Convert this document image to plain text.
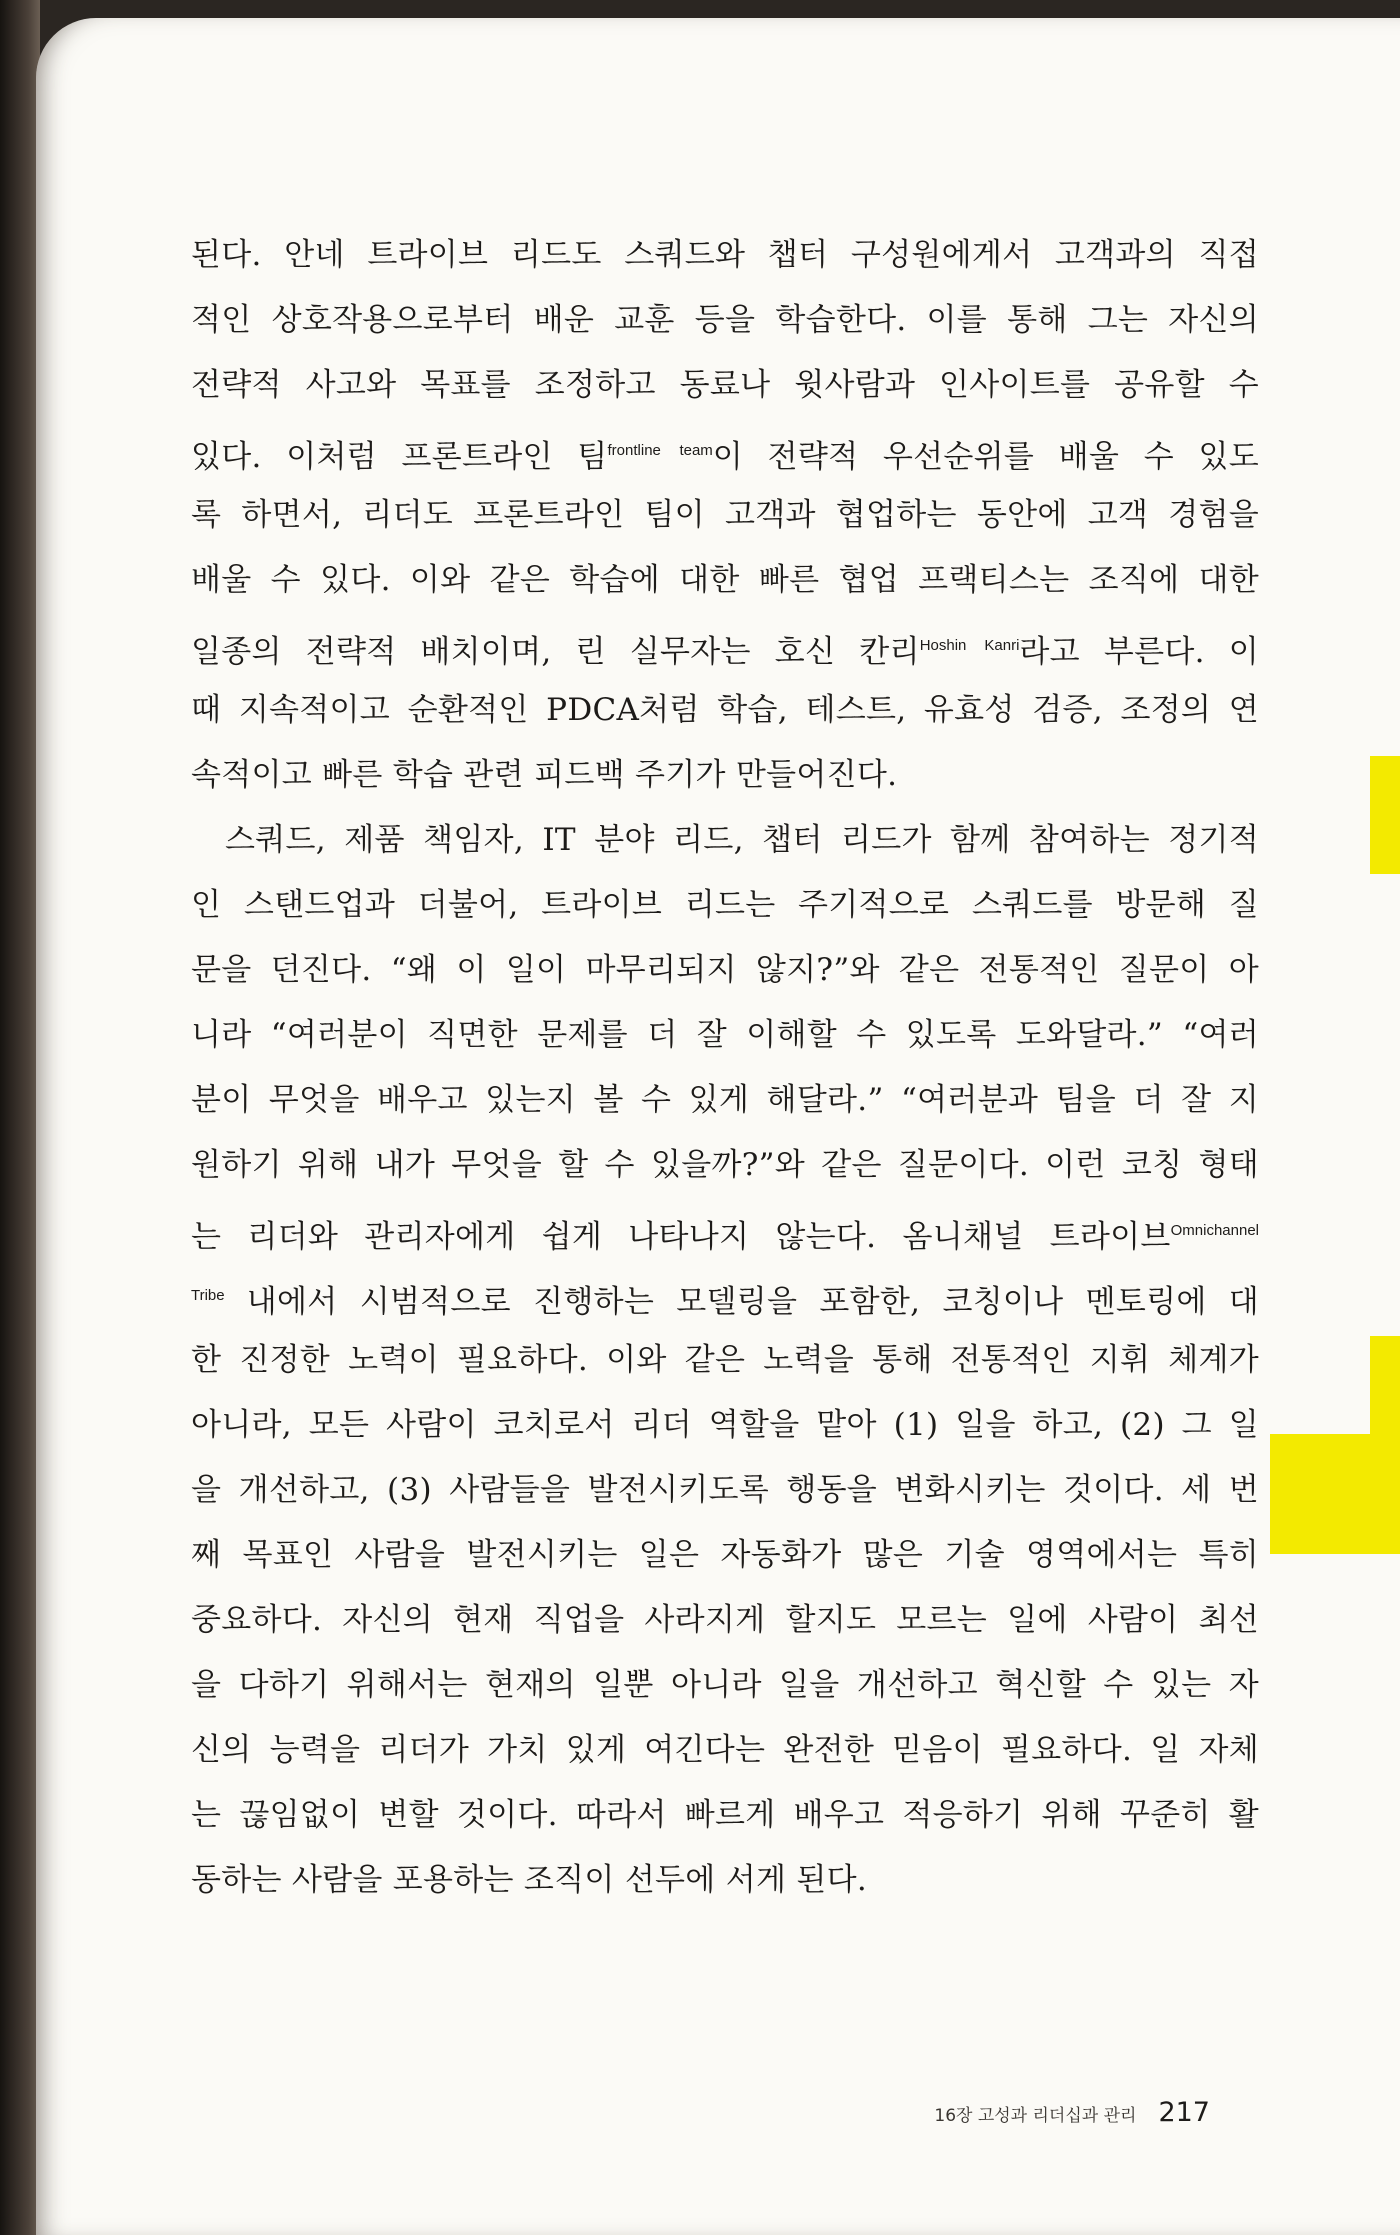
된다. 안네 트라이브 리드도 스쿼드와 챕터 구성원에게서 고객과의 직접
적인 상호작용으로부터 배운 교훈 등을 학습한다. 이를 통해 그는 자신의
전략적 사고와 목표를 조정하고 동료나 윗사람과 인사이트를 공유할 수
있다. 이처럼 프론트라인 팀$^{frontline team}$이 전략적 우선순위를 배울 수 있도
록 하면서, 리더도 프론트라인 팀이 고객과 협업하는 동안에 고객 경험을
배울 수 있다. 이와 같은 학습에 대한 빠른 협업 프랙티스는 조직에 대한
일종의 전략적 배치이며, 린 실무자는 호신 칸리$^{Hoshin Kanri}$라고 부른다. 이
때 지속적이고 순환적인 PDCA처럼 학습, 테스트, 유효성 검증, 조정의 연
속적이고 빠른 학습 관련 피드백 주기가 만들어진다.
스쿼드, 제품 책임자, IT 분야 리드, 챕터 리드가 함께 참여하는 정기적
인 스탠드업과 더불어, 트라이브 리드는 주기적으로 스쿼드를 방문해 질
문을 던진다. “왜 이 일이 마무리되지 않지?”와 같은 전통적인 질문이 아
니라 “여러분이 직면한 문제를 더 잘 이해할 수 있도록 도와달라.” “여러
분이 무엇을 배우고 있는지 볼 수 있게 해달라.” “여러분과 팀을 더 잘 지
원하기 위해 내가 무엇을 할 수 있을까?”와 같은 질문이다. 이런 코칭 형태
는 리더와 관리자에게 쉽게 나타나지 않는다. 옴니채널 트라이브$^{Omnichannel}$
$^{Tribe}$ 내에서 시범적으로 진행하는 모델링을 포함한, 코칭이나 멘토링에 대
한 진정한 노력이 필요하다. 이와 같은 노력을 통해 전통적인 지휘 체계가
아니라, 모든 사람이 코치로서 리더 역할을 맡아 (1) 일을 하고, (2) 그 일
을 개선하고, (3) 사람들을 발전시키도록 행동을 변화시키는 것이다. 세 번
째 목표인 사람을 발전시키는 일은 자동화가 많은 기술 영역에서는 특히
중요하다. 자신의 현재 직업을 사라지게 할지도 모르는 일에 사람이 최선
을 다하기 위해서는 현재의 일뿐 아니라 일을 개선하고 혁신할 수 있는 자
신의 능력을 리더가 가치 있게 여긴다는 완전한 믿음이 필요하다. 일 자체
는 끊임없이 변할 것이다. 따라서 빠르게 배우고 적응하기 위해 꾸준히 활
동하는 사람을 포용하는 조직이 선두에 서게 된다.
16장 고성과 리더십과 관리 217
